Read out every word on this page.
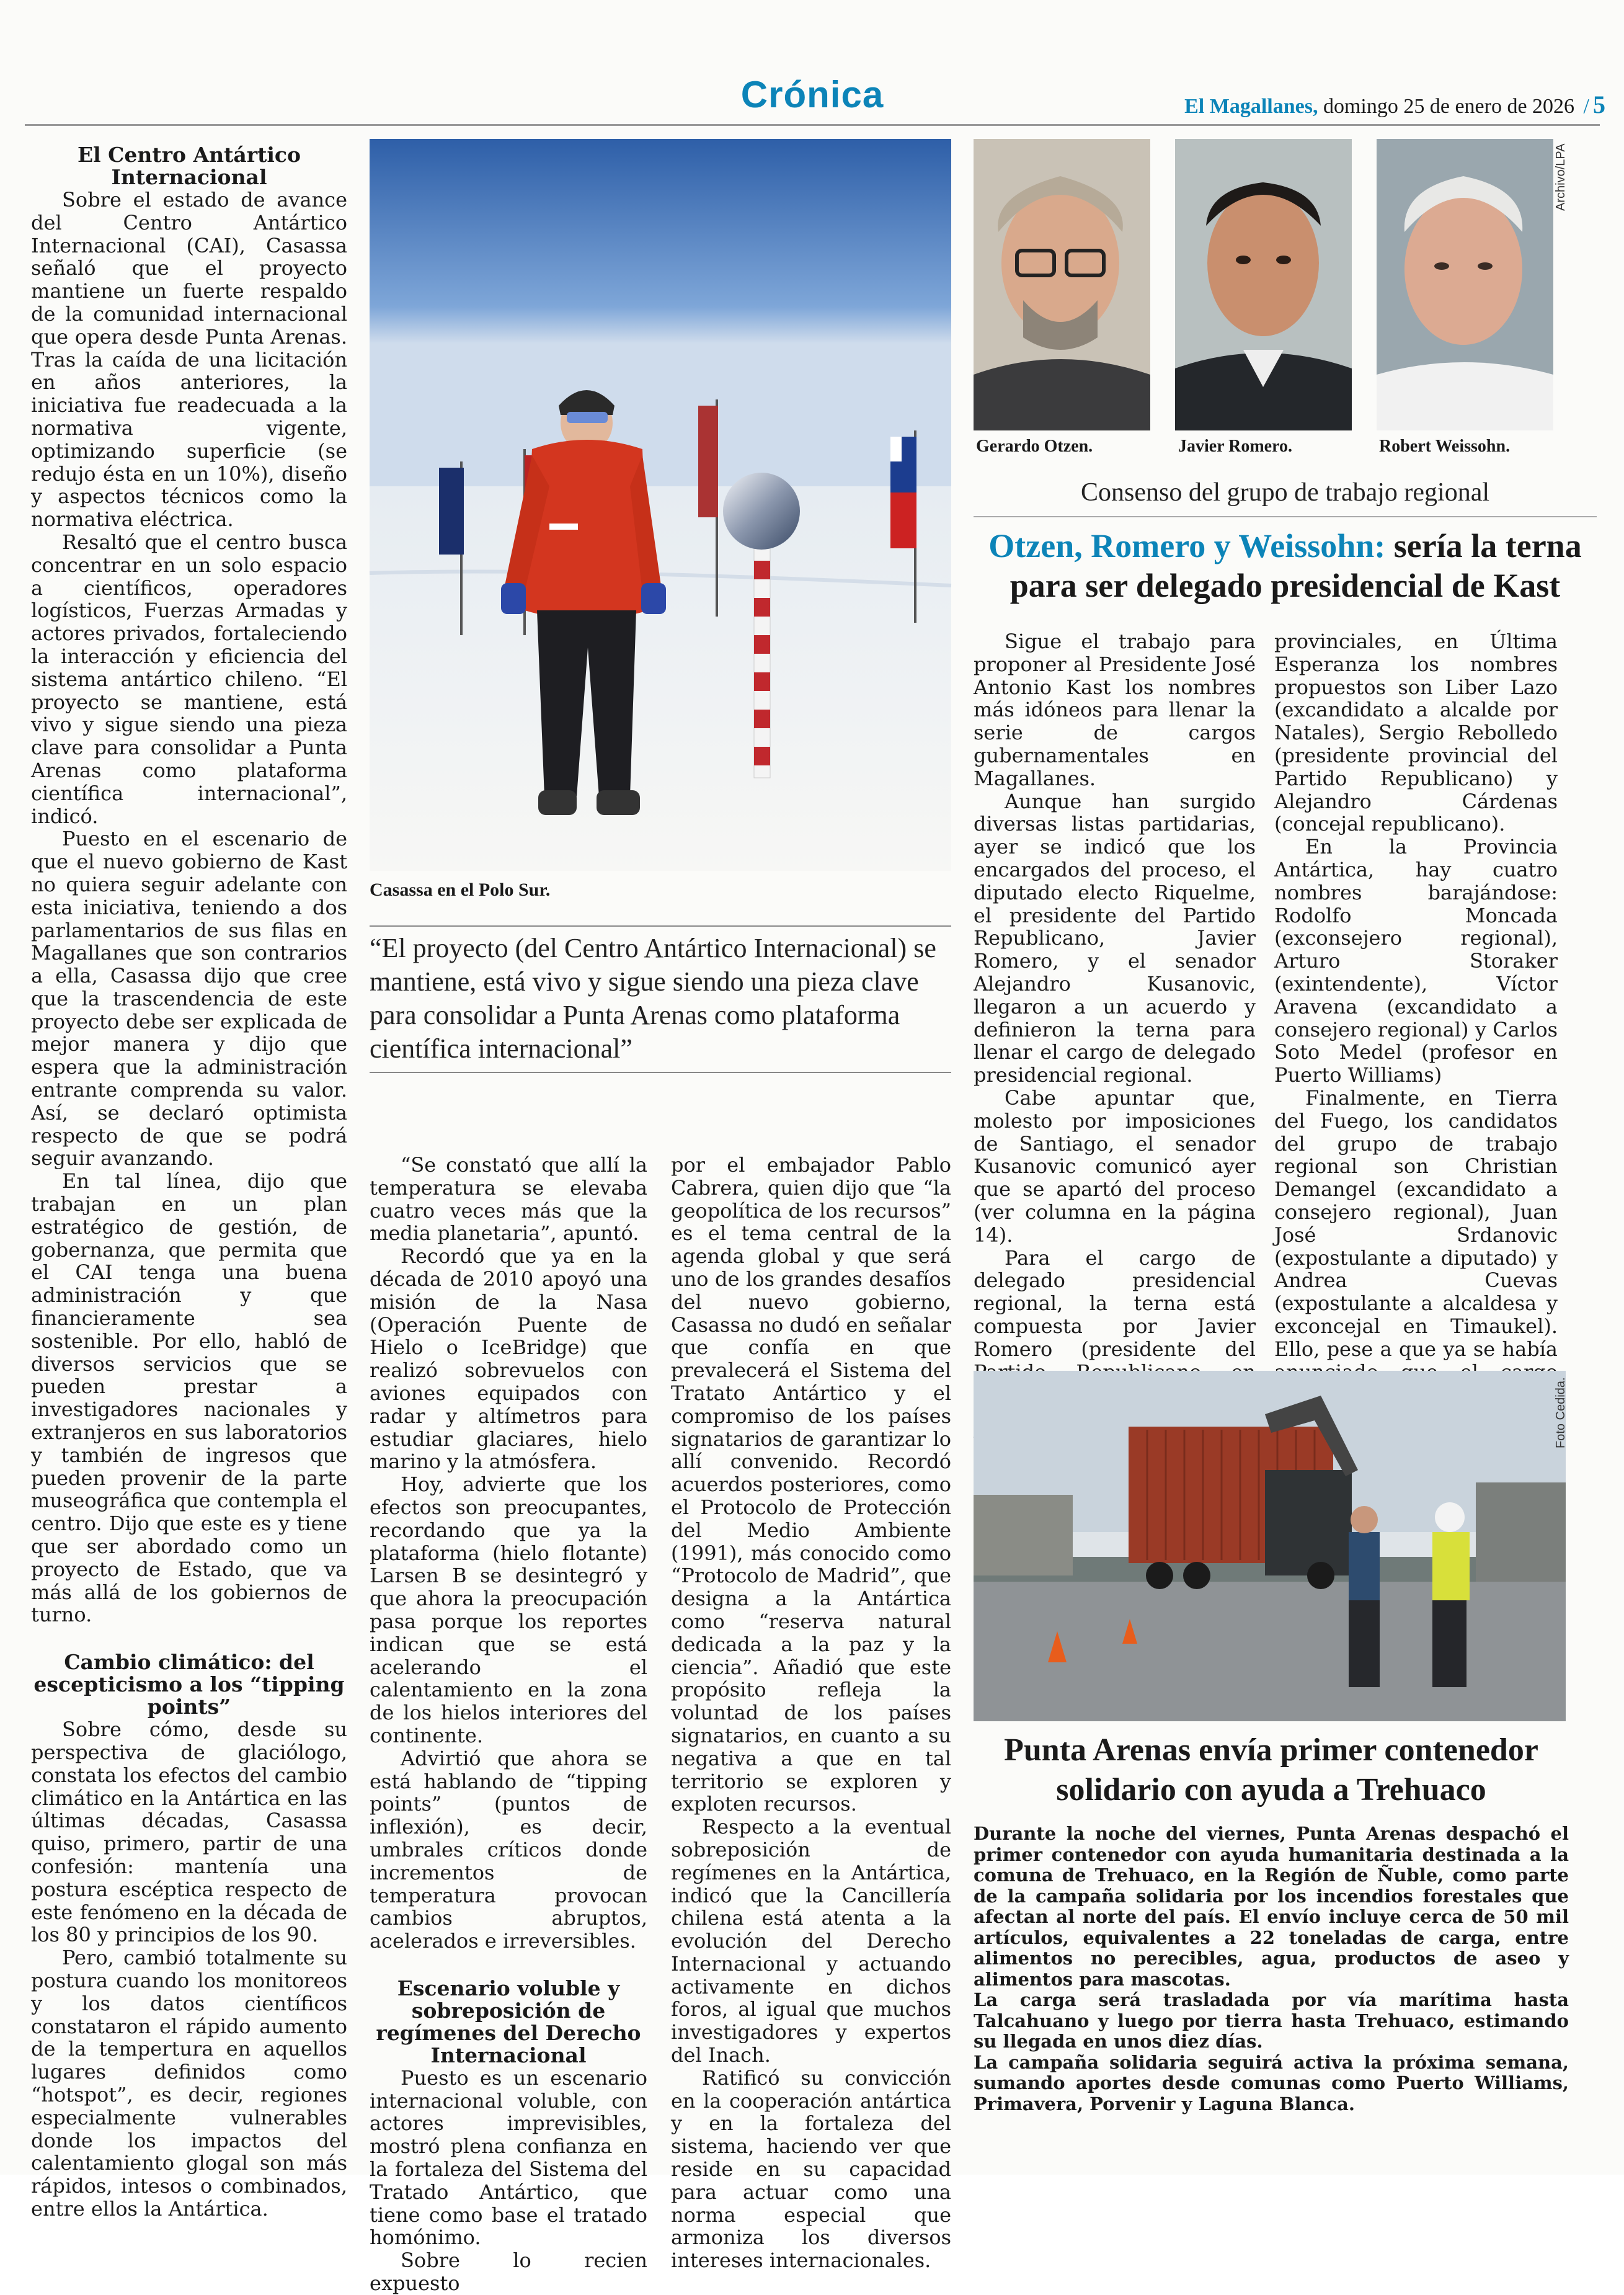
Crónica	El Magallanes, domingo 25 de enero de 2026 / 5

El Centro Antártico Internacional

Sobre el estado de avance del Centro Antártico Internacional (CAI), Casassa señaló que el proyecto mantiene un fuerte respaldo de la comunidad internacional que opera desde Punta Arenas. Tras la caída de una licitación en años anteriores, la iniciativa fue readecuada a la normativa vigente, optimizando superficie (se redujo ésta en un 10%), diseño y aspectos técnicos como la normativa eléctrica.

Resaltó que el centro busca concentrar en un solo espacio a científicos, operadores logísticos, Fuerzas Armadas y actores privados, fortaleciendo la interacción y eficiencia del sistema antártico chileno. “El proyecto se mantiene, está vivo y sigue siendo una pieza clave para consolidar a Punta Arenas como plataforma científica internacional”, indicó.

Puesto en el escenario de que el nuevo gobierno de Kast no quiera seguir adelante con esta iniciativa, teniendo a dos parlamentarios de sus filas en Magallanes que son contrarios a ella, Casassa dijo que cree que la trascendencia de este proyecto debe ser explicada de mejor manera y dijo que espera que la administración entrante comprenda su valor. Así, se declaró optimista respecto de que se podrá seguir avanzando.

En tal línea, dijo que trabajan en un plan estratégico de gestión, de gobernanza, que permita que el CAI tenga una buena administración y que financieramente sea sostenible. Por ello, habló de diversos servicios que se pueden prestar a investigadores nacionales y extranjeros en sus laboratorios y también de ingresos que pueden provenir de la parte museográfica que contempla el centro. Dijo que este es y tiene que ser abordado como un proyecto de Estado, que va más allá de los gobiernos de turno.

Cambio climático: del escepticismo a los “tipping points”

Sobre cómo, desde su perspectiva de glaciólogo, constata los efectos del cambio climático en la Antártica en las últimas décadas, Casassa quiso, primero, partir de una confesión: mantenía una postura escéptica respecto de este fenómeno en la década de los 80 y principios de los 90.

Pero, cambió totalmente su postura cuando los monitoreos y los datos científicos constataron el rápido aumento de la tempertura en aquellos lugares definidos como “hotspot”, es decir, regiones especialmente vulnerables donde los impactos del calentamiento glogal son más rápidos, intesos o combinados, entre ellos la Antártica.

Casassa en el Polo Sur.
“El proyecto (del Centro Antártico Internacional) se mantiene, está vivo y sigue siendo una pieza clave para consolidar a Punta Arenas como plataforma científica internacional”

“Se constató que allí la temperatura se elevaba cuatro veces más que la media planetaria”, apuntó.

Recordó que ya en la década de 2010 apoyó una misión de la Nasa (Operación Puente de Hielo o IceBridge) que realizó sobrevuelos con aviones equipados con radar y altímetros para estudiar glaciares, hielo marino y la atmósfera.

Hoy, advierte que los efectos son preocupantes, recordando que ya la plataforma (hielo flotante) Larsen B se desintegró y que ahora la preocupación pasa porque los reportes indican que se está acelerando el calentamiento en la zona de los hielos interiores del continente.

Advirtió que ahora se está hablando de “tipping points” (puntos de inflexión), es decir, umbrales críticos donde incrementos de temperatura provocan cambios abruptos, acelerados e irreversibles.

Escenario voluble y sobreposición de regímenes del Derecho Internacional

Puesto es un escenario internacional voluble, con actores imprevisibles, mostró plena confianza en la fortaleza del Sistema del Tratado Antártico, que tiene como base el tratado homónimo.

Sobre lo recien expuesto

por el embajador Pablo Cabrera, quien dijo que “la geopolítica de los recursos” es el tema central de la agenda global y que será uno de los grandes desafíos del nuevo gobierno, Casassa no dudó en señalar que confía en que prevalecerá el Sistema del Tratato Antártico y el compromiso de los países signatarios de garantizar lo allí convenido. Recordó acuerdos posteriores, como el Protocolo de Protección del Medio Ambiente (1991), más conocido como “Protocolo de Madrid”, que designa a la Antártica como “reserva natural dedicada a la paz y la ciencia”. Añadió que este propósito refleja la voluntad de los países signatarios, en cuanto a su negativa a que en tal territorio se exploren y exploten recursos.

Respecto a la eventual sobreposición de regímenes en la Antártica, indicó que la Cancillería chilena está atenta a la evolución del Derecho Internacional y actuando activamente en dichos foros, al igual que muchos investigadores y expertos del Inach.

Ratificó su convicción en la cooperación antártica y en la fortaleza del sistema, haciendo ver que reside en su capacidad para actuar como una norma especial que armoniza los diversos intereses internacionales.

Gerardo Otzen.	Javier Romero.	Robert Weissohn.
Archivo/LPA
Consenso del grupo de trabajo regional
Otzen, Romero y Weissohn: sería la terna para ser delegado presidencial de Kast

Sigue el trabajo para proponer al Presidente José Antonio Kast los nombres más idóneos para llenar la serie de cargos gubernamentales en Magallanes.

Aunque han surgido diversas listas partidarias, ayer se indicó que los encargados del proceso, el diputado electo Riquelme, el presidente del Partido Republicano, Javier Romero, y el senador Alejandro Kusanovic, llegaron a un acuerdo y definieron la terna para llenar el cargo de delegado presidencial regional.

Cabe apuntar que, molesto por imposiciones de Santiago, el senador Kusanovic comunicó ayer que se apartó del proceso (ver columna en la página 14).

Para el cargo de delegado presidencial regional, la terna está compuesta por Javier Romero (presidente del

provinciales, en Última Esperanza los nombres propuestos son Liber Lazo (excandidato a alcalde por Natales), Sergio Rebolledo (presidente provincial del Partido Republicano) y Alejandro Cárdenas (concejal republicano).

En la Provincia Antártica, hay cuatro nombres barajándose: Rodolfo Moncada (exconsejero regional), Arturo Storaker (exintendente), Víctor Aravena (excandidato a consejero regional) y Carlos Soto Medel (profesor en Puerto Williams)

Finalmente, en Tierra del Fuego, los candidatos del grupo de trabajo regional son Christian Demangel (excandidato a consejero regional), Juan José Srdanovic (expostulante a diputado) y Andrea Cuevas (expostulante a alcaldesa y exconcejal en Timaukel). Ello, pese a que ya se había

Foto Cedida.
Punta Arenas envía primer contenedor solidario con ayuda a Trehuaco

Durante la noche del viernes, Punta Arenas despachó el primer contenedor con ayuda humanitaria destinada a la comuna de Trehuaco, en la Región de Ñuble, como parte de la campaña solidaria por los incendios forestales que afectan al norte del país. El envío incluye cerca de 50 mil artículos, equivalentes a 22 toneladas de carga, entre alimentos no perecibles, agua, productos de aseo y alimentos para mascotas.

La carga será trasladada por vía marítima hasta Talcahuano y luego por tierra hasta Trehuaco, estimando su llegada en unos diez días.

La campaña solidaria seguirá activa la próxima semana, sumando aportes desde comunas como Puerto Williams, Primavera, Porvenir y Laguna Blanca.
